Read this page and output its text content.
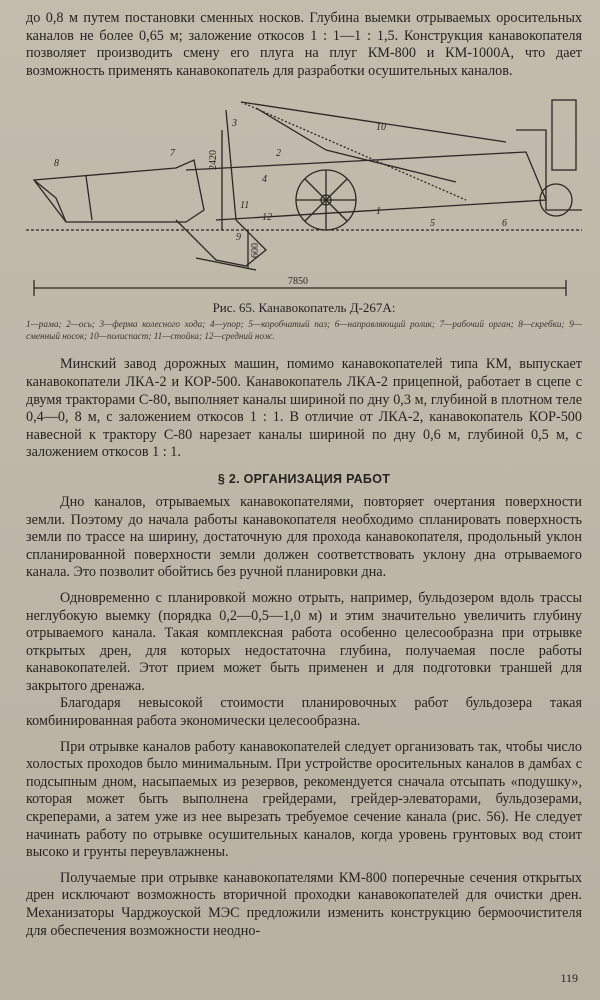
до 0,8 м путем постановки сменных носков. Глубина выемки отрываемых оросительных каналов не более 0,65 м; заложение откосов 1 : 1—1 : 1,5. Конструкция канавокопателя позволяет производить смену его плуга на плуг КМ-800 и КМ-1000А, что дает возможность применять канавокопатель для разработки осушительных каналов.

8
7
3
4
2
1
5	6
9
10
11
12
2420
600
7850
Рис. 65. Канавокопатель Д-267А:
1—рама; 2—ось; 3—ферма колесного хода; 4—упор; 5—коробчатый паз; 6—направляющий ролик; 7—рабочий орган; 8—скребки; 9—сменный носок; 10—полиспаст; 11—стойка; 12—средний нож.

Минский завод дорожных машин, помимо канавокопателей типа КМ, выпускает канавокопатели ЛКА-2 и КОР-500. Канавокопатель ЛКА-2 прицепной, работает в сцепе с двумя тракторами С-80, выполняет каналы шириной по дну 0,3 м, глубиной в плотном теле 0,4—0, 8 м, с заложением откосов 1 : 1. В отличие от ЛКА-2, канавокопатель КОР-500 навесной к трактору С-80 нарезает каналы шириной по дну 0,6 м, глубиной 0,5 м, с заложением откосов 1 : 1.

§ 2. ОРГАНИЗАЦИЯ РАБОТ

Дно каналов, отрываемых канавокопателями, повторяет очертания поверхности земли. Поэтому до начала работы канавокопателя необходимо спланировать поверхность земли по трассе на ширину, достаточную для прохода канавокопателя, продольный уклон спланированной поверхности земли должен соответствовать уклону дна отрываемого канала. Это позволит обойтись без ручной планировки дна.

Одновременно с планировкой можно отрыть, например, бульдозером вдоль трассы неглубокую выемку (порядка 0,2—0,5—1,0 м) и этим значительно увеличить глубину отрываемого канала. Такая комплексная работа особенно целесообразна при отрывке открытых дрен, для которых недостаточна глубина, получаемая после работы канавокопателей. Этот прием может быть применен и для подготовки траншей для закрытого дренажа.

Благодаря невысокой стоимости планировочных работ бульдозера такая комбинированная работа экономически целесообразна.

При отрывке каналов работу канавокопателей следует организовать так, чтобы число холостых проходов было минимальным. При устройстве оросительных каналов в дамбах с подсыпным дном, насыпаемых из резервов, рекомендуется сначала отсыпать «подушку», которая может быть выполнена грейдерами, грейдер-элеваторами, бульдозерами, скреперами, а затем уже из нее вырезать требуемое сечение канала (рис. 56). Не следует начинать работу по отрывке осушительных каналов, когда уровень грунтовых вод стоит высоко и грунты переувлажнены.

Получаемые при отрывке канавокопателями КМ-800 поперечные сечения открытых дрен исключают возможность вторичной проходки канавокопателей для очистки дрен. Механизаторы Чарджоуской МЭС предложили изменить конструкцию бермоочистителя для обеспечения возможности неодно-

119
